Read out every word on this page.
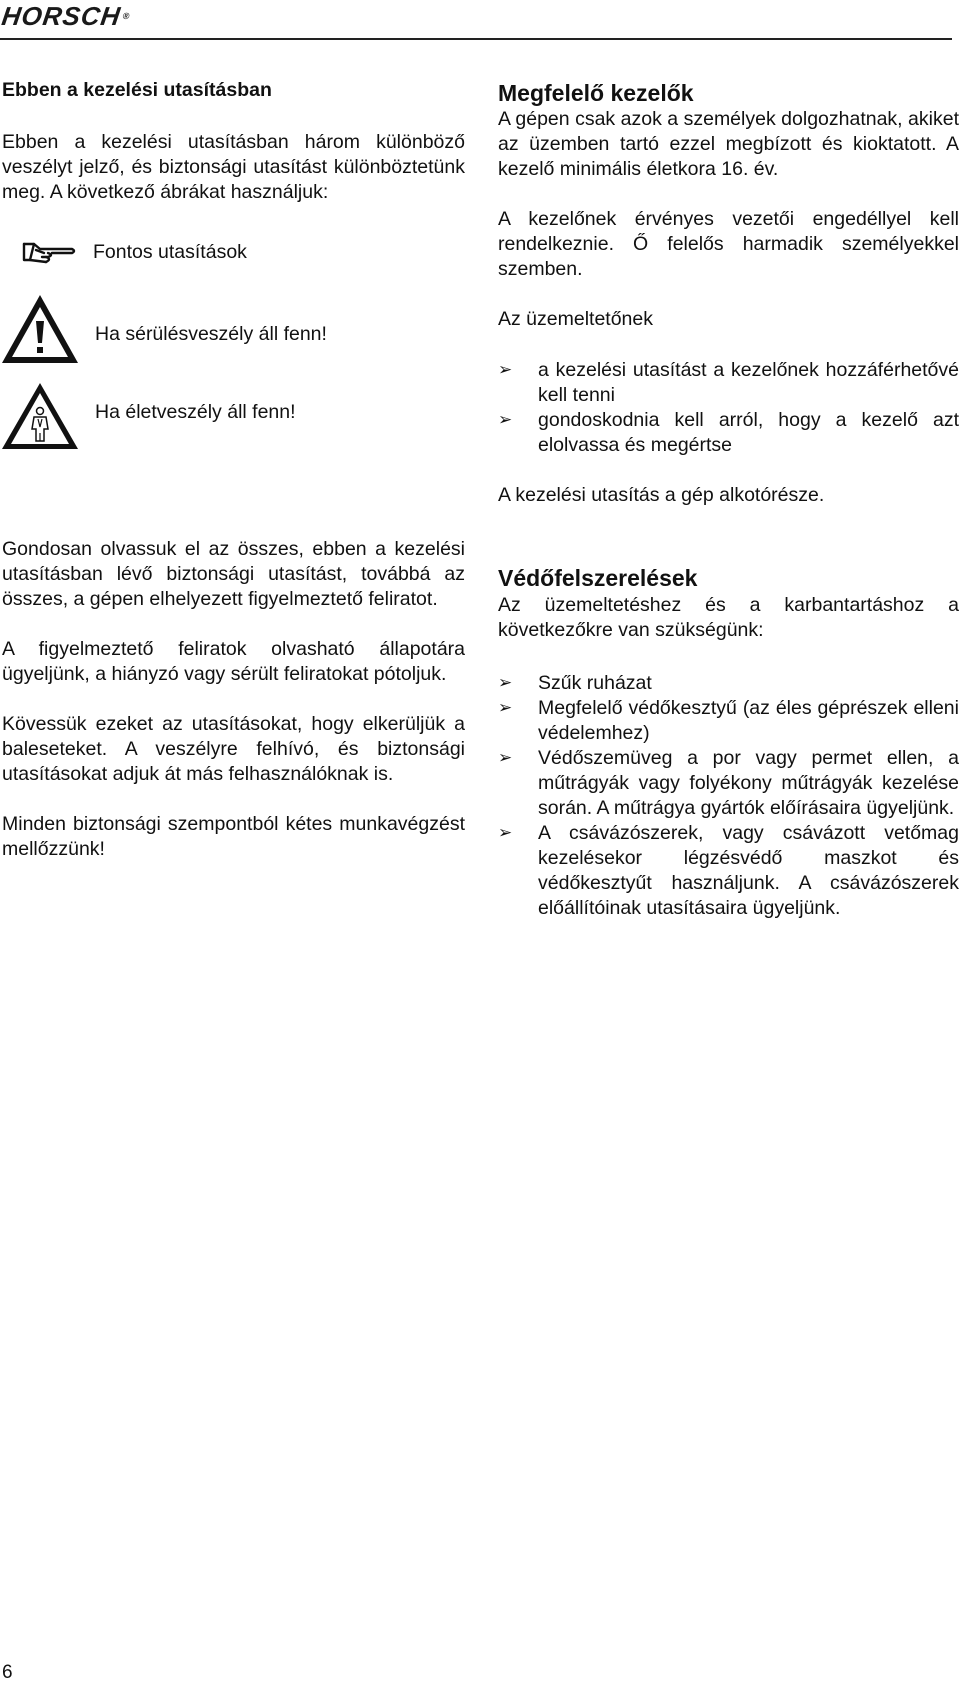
HORSCH ®
Ebben a kezelési utasításban

Ebben a kezelési utasításban három különböző veszélyt jelző, és biztonsági utasítást különböztetünk meg. A következő ábrákat használjuk:

Fontos utasítások
Ha sérülésveszély áll fenn!
Ha életveszély áll fenn!

Gondosan olvassuk el az összes, ebben a kezelési utasításban lévő biztonsági utasítást, továbbá az összes, a gépen elhelyezett figyelmeztető feliratot.

A figyelmeztető feliratok olvasható állapotára ügyeljünk, a hiányzó vagy sérült feliratokat pótoljuk.

Kövessük ezeket az utasításokat, hogy elkerüljük a baleseteket. A veszélyre felhívó, és biztonsági utasításokat adjuk át más felhasználóknak is.

Minden biztonsági szempontból kétes munkavégzést mellőzzünk!

Megfelelő kezelők

A gépen csak azok a személyek dolgozhatnak, akiket az üzemben tartó ezzel megbízott és kioktatott. A kezelő minimális életkora 16. év.

A kezelőnek érvényes vezetői engedéllyel kell rendelkeznie. Ő felelős harmadik személyekkel szemben.

Az üzemeltetőnek

➢ a kezelési utasítást a kezelőnek hozzáférhetővé kell tenni
➢ gondoskodnia kell arról, hogy a kezelő azt elolvassa és megértse

A kezelési utasítás a gép alkotórésze.

Védőfelszerelések

Az üzemeltetéshez és a karbantartáshoz a következőkre van szükségünk:

➢ Szűk ruházat
➢ Megfelelő védőkesztyű (az éles géprészek elleni védelemhez)
➢ Védőszemüveg a por vagy permet ellen, a műtrágyák vagy folyékony műtrágyák kezelése során. A műtrágya gyártók előírásaira ügyeljünk.
➢ A csávázószerek, vagy csávázott vetőmag kezelésekor légzésvédő maszkot és védőkesztyűt használjunk. A csávázószerek előállítóinak utasításaira ügyeljünk.
6
